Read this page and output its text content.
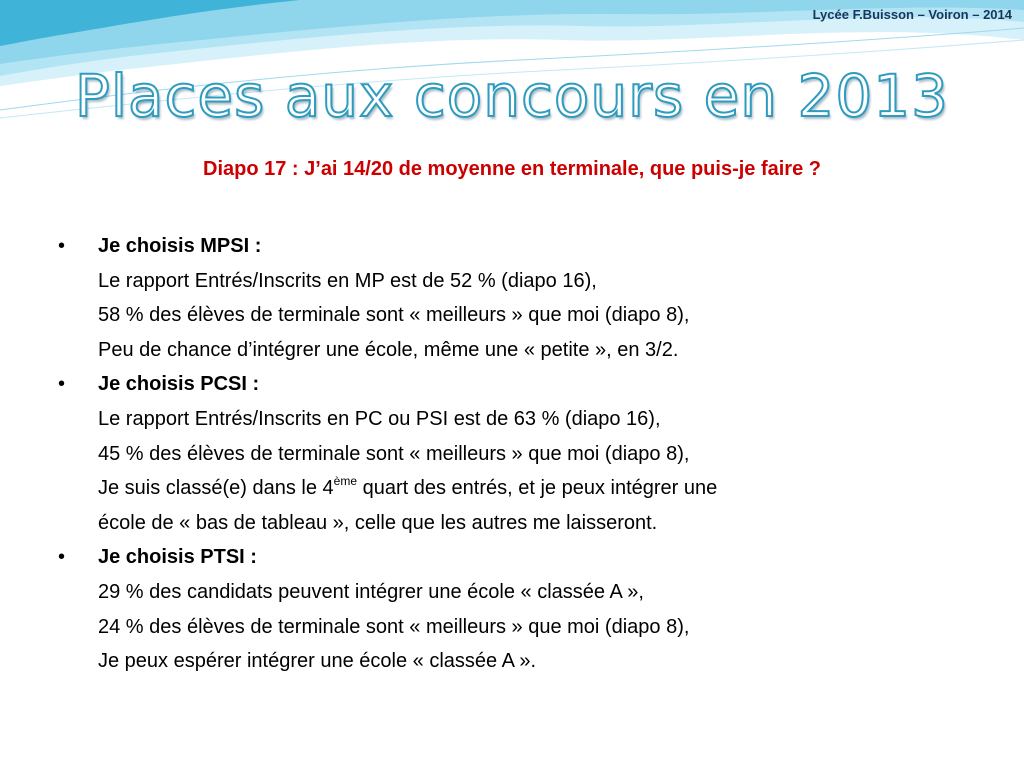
Lycée F.Buisson – Voiron – 2014
Places aux concours en 2013
Diapo 17 : J’ai 14/20 de moyenne en terminale, que puis-je faire ?
•	Je choisis MPSI :
Le rapport Entrés/Inscrits en MP est de 52 % (diapo 16),
58 % des élèves de terminale sont « meilleurs » que moi (diapo 8),
Peu de chance d’intégrer une école, même une « petite », en 3/2.
•	Je choisis PCSI :
Le rapport Entrés/Inscrits en PC ou PSI est de 63 % (diapo 16),
45 % des élèves de terminale sont « meilleurs » que moi (diapo 8),
Je suis classé(e) dans le 4ème quart des entrés, et je peux intégrer une
école de « bas de tableau », celle que les autres me laisseront.
•	Je choisis PTSI :
29 % des candidats peuvent intégrer une école « classée A »,
24 % des élèves de terminale sont « meilleurs » que moi (diapo 8),
Je peux espérer intégrer une école « classée A ».
